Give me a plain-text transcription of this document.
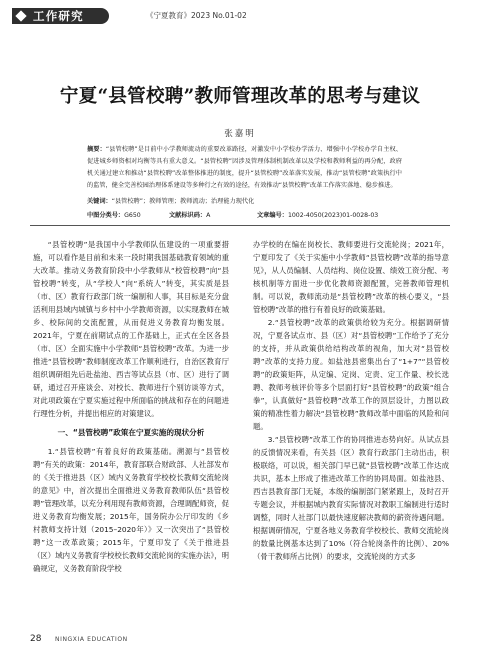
工作研究	《宁夏教育》2023 No.01-02
宁夏“县管校聘”教师管理改革的思考与建议
张嘉明
摘要：“县管校聘”是目前中小学教师流动的重要改革路径，对激发中小学校办学活力、增强中小学校办学自主权、促进城乡师资相对均衡等具有重大意义。“县管校聘”因涉及管理体制机制改革以及学校和教师利益的再分配，政府机关通过建立和推动“县管校聘”改革整体推进的制度，提升“县管校聘”改革落实发展，推动“县管校聘”政策执行中的监管，健全完善校园治理体系建设等多种行之有效的途径，有效推动“县管校聘”改革工作落实落地、稳步推进。
关键词：“县管校聘”；教师管理；教师流动；治理能力现代化
中图分类号：G650	文献标识码：A	文章编号：1002-4050(2023)01-0028-03

“县管校聘”是我国中小学教师队伍建设的一项重要措施，可以看作是目前和未来一段时期我国基础教育领域的重大改革。推动义务教育阶段中小学教师从“校管校聘”向“县管校聘”转变，从“学校人”向“系统人”转变，其实质是县（市、区）教育行政部门统一编制和人事，其目标是充分盘活利用县域内城镇与乡村中小学教师资源，以实现教师在城乡、校际间的交流配置，从而促进义务教育均衡发展。2021年，宁夏在前期试点的工作基础上，正式在全区各县（市、区）全面实施中小学教师“县管校聘”改革。为进一步推进“县管校聘”教师制度改革工作顺利进行，自治区教育厅组织调研组先后赴盐池、西吉等试点县（市、区）进行了调研，通过召开座谈会、对校长、教师进行个别访谈等方式，对此项政策在宁夏实施过程中所面临的挑战和存在的问题进行理性分析，并提出相应的对策建议。

一、“县管校聘”政策在宁夏实施的现状分析

1.“县管校聘”有着良好的政策基础。溯源与“县管校聘”有关的政策：2014年，教育部联合财政部、人社部发布的《关于推进县（区）域内义务教育学校校长教师交流轮岗的意见》中，首次提出全面推进义务教育教师队伍“县管校聘”管理改革，以充分利用现有教师资源，合理调配师资，促进义务教育均衡发展；2015年，国务院办公厅印发的《乡村教师支持计划（2015–2020年）》又一次突出了“县管校聘”这一改革政策；2015年，宁夏印发了《关于推进县（区）域内义务教育学校校长教师交流轮岗的实施办法》，明确规定，义务教育阶段学校

办学校的在编在岗校长、教师要进行交流轮岗；2021年，宁夏印发了《关于实施中小学教师“县管校聘”改革的指导意见》，从人员编制、人员结构、岗位设置、绩效工资分配、考核机制等方面进一步优化教师资源配置，完善教师管理机制。可以说，教师流动是“县管校聘”改革的核心要义，“县管校聘”改革的推行有着良好的政策基础。

2.“县管校聘”改革的政策供给较为充分。根据调研情况，宁夏各试点市、县（区）对“县管校聘”工作给予了充分的支持，并从政策供给结构改革的视角，加大对“县管校聘”改革的支持力度。如盐池县密集出台了“1+7”“县管校聘”的政策矩阵，从定编、定岗、定责、定工作量、校长选聘、教师考核评价等多个层面打好“县管校聘”的政策“组合拳”，认真做好“县管校聘”改革工作的顶层设计，力图以政策的精准性着力解决“县管校聘”教师改革中面临的风险和问题。

3.“县管校聘”改革工作的协同推进态势向好。从试点县的反馈情况来看，有关县（区）教育行政部门主动出击，积极联络，可以说，相关部门早已就“县管校聘”改革工作达成共识，基本上形成了推进改革工作的协同局面。如盐池县、西吉县教育部门无疑，本级的编制部门紧紧跟上，及时召开专题会议，并根据城内教育实际情况对教职工编制进行适时调整，同时人社部门以最快速度解决教师的薪资待遇问题。根据调研情况，宁夏各地义务教育学校校长、教师交流轮岗的数量比例基本达到了10%（符合轮岗条件的比例）、20%（骨干教师所占比例）的要求，交流轮岗的方式多

28 NINGXIA EDUCATION
